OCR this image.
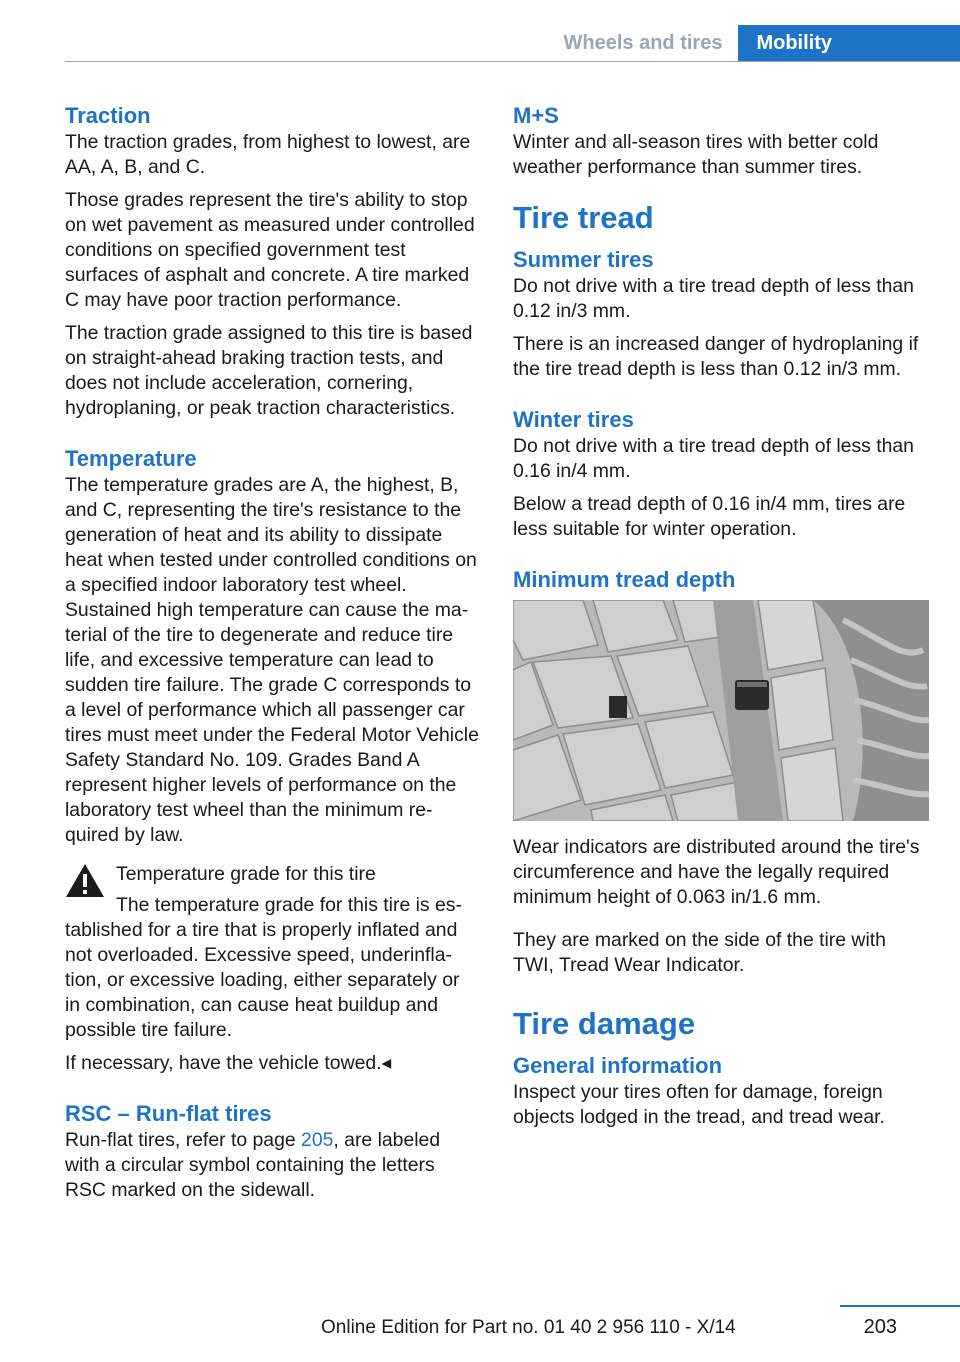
Wheels and tires	Mobility
Traction

The traction grades, from highest to lowest, are AA, A, B, and C.

Those grades represent the tire's ability to stop on wet pavement as measured under controlled conditions on specified government test surfaces of asphalt and concrete. A tire marked C may have poor traction performance.

The traction grade assigned to this tire is based on straight-ahead braking traction tests, and does not include acceleration, cornering, hydroplaning, or peak traction characteristics.

Temperature

The temperature grades are A, the highest, B, and C, representing the tire's resistance to the generation of heat and its ability to dissipate heat when tested under controlled conditions on a specified indoor laboratory test wheel. Sustained high temperature can cause the material of the tire to degenerate and reduce tire life, and excessive temperature can lead to sudden tire failure. The grade C corresponds to a level of performance which all passenger car tires must meet under the Federal Motor Vehicle Safety Standard No. 109. Grades Band A represent higher levels of performance on the laboratory test wheel than the minimum required by law.

Temperature grade for this tire

The temperature grade for this tire is established for a tire that is properly inflated and not overloaded. Excessive speed, underinflation, or excessive loading, either separately or in combination, can cause heat buildup and possible tire failure.

If necessary, have the vehicle towed.◂

RSC – Run-flat tires

Run-flat tires, refer to page 205, are labeled with a circular symbol containing the letters RSC marked on the sidewall.

M+S

Winter and all-season tires with better cold weather performance than summer tires.

Tire tread
Summer tires

Do not drive with a tire tread depth of less than 0.12 in/3 mm.

There is an increased danger of hydroplaning if the tire tread depth is less than 0.12 in/3 mm.

Winter tires

Do not drive with a tire tread depth of less than 0.16 in/4 mm.

Below a tread depth of 0.16 in/4 mm, tires are less suitable for winter operation.

Minimum tread depth

Wear indicators are distributed around the tire's circumference and have the legally required minimum height of 0.063 in/1.6 mm.

They are marked on the side of the tire with TWI, Tread Wear Indicator.

Tire damage
General information

Inspect your tires often for damage, foreign objects lodged in the tread, and tread wear.

203
Online Edition for Part no. 01 40 2 956 110 - X/14
